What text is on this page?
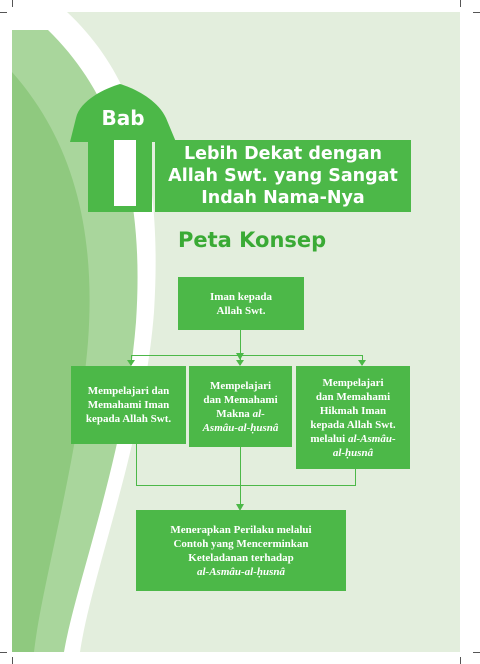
Bab
Lebih Dekat dengan
Allah Swt. yang Sangat
Indah Nama-Nya
Peta Konsep
Iman kepada
Allah Swt.
Mempelajari dan
Memahami Iman
kepada Allah Swt.
Mempelajari
dan Memahami
Makna al-
Asmâu-al-ḥusnâ
Mempelajari
dan Memahami
Hikmah Iman
kepada Allah Swt.
melalui al-Asmâu-
al-ḥusnâ
Menerapkan Perilaku melalui
Contoh yang Mencerminkan
Keteladanan terhadap
al-Asmâu-al-ḥusnâ
